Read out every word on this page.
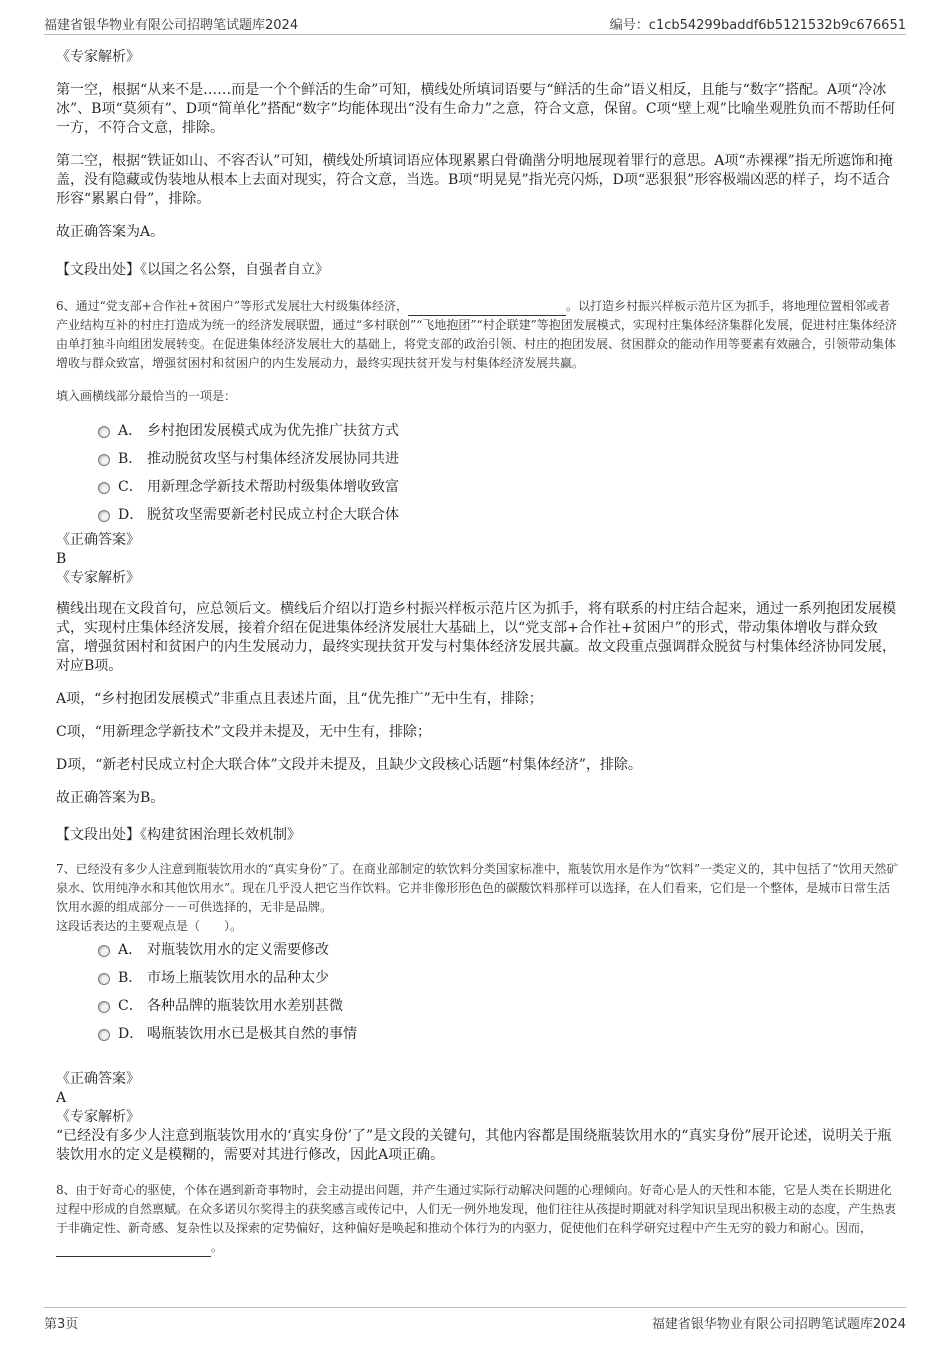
福建省银华物业有限公司招聘笔试题库2024	编号：c1cb54299baddf6b5121532b9c676651

《专家解析》

第一空，根据“从来不是……而是一个个鲜活的生命”可知，横线处所填词语要与“鲜活的生命”语义相反，且能与“数字”搭配。A项“冷冰冰”、B项“莫须有”、D项“简单化”搭配“数字”均能体现出“没有生命力”之意，符合文意，保留。C项“壁上观”比喻坐观胜负而不帮助任何一方，不符合文意，排除。

第二空，根据“铁证如山、不容否认”可知，横线处所填词语应体现累累白骨确凿分明地展现着罪行的意思。A项“赤裸裸”指无所遮饰和掩盖，没有隐藏或伪装地从根本上去面对现实，符合文意，当选。B项“明晃晃”指光亮闪烁，D项“恶狠狠”形容极端凶恶的样子，均不适合形容“累累白骨”，排除。

故正确答案为A。

【文段出处】《以国之名公祭，自强者自立》

6、通过“党支部+合作社+贫困户”等形式发展壮大村级集体经济，	。以打造乡村振兴样板示范片区为抓手，将地理位置相邻或者产业结构互补的村庄打造成为统一的经济发展联盟，通过“多村联创”“飞地抱团”“村企联建”等抱团发展模式，实现村庄集体经济集群化发展，促进村庄集体经济由单打独斗向组团发展转变。在促进集体经济发展壮大的基础上，将党支部的政治引领、村庄的抱团发展、贫困群众的能动作用等要素有效融合，引领带动集体增收与群众致富，增强贫困村和贫困户的内生发展动力，最终实现扶贫开发与村集体经济发展共赢。

填入画横线部分最恰当的一项是：

A． 乡村抱团发展模式成为优先推广扶贫方式
B． 推动脱贫攻坚与村集体经济发展协同共进
C． 用新理念学新技术帮助村级集体增收致富
D． 脱贫攻坚需要新老村民成立村企大联合体

《正确答案》

B

《专家解析》

横线出现在文段首句，应总领后文。横线后介绍以打造乡村振兴样板示范片区为抓手，将有联系的村庄结合起来，通过一系列抱团发展模式，实现村庄集体经济发展，接着介绍在促进集体经济发展壮大基础上，以“党支部+合作社+贫困户”的形式，带动集体增收与群众致富，增强贫困村和贫困户的内生发展动力，最终实现扶贫开发与村集体经济发展共赢。故文段重点强调群众脱贫与村集体经济协同发展，对应B项。

A项，“乡村抱团发展模式”非重点且表述片面，且“优先推广”无中生有，排除；

C项，“用新理念学新技术”文段并未提及，无中生有，排除；

D项，“新老村民成立村企大联合体”文段并未提及，且缺少文段核心话题“村集体经济”，排除。

故正确答案为B。

【文段出处】《构建贫困治理长效机制》

7、已经没有多少人注意到瓶装饮用水的“真实身份”了。在商业部制定的软饮料分类国家标准中，瓶装饮用水是作为“饮料”一类定义的，其中包括了“饮用天然矿泉水、饮用纯净水和其他饮用水”。现在几乎没人把它当作饮料。它并非像形形色色的碳酸饮料那样可以选择，在人们看来，它们是一个整体，是城市日常生活饮用水源的组成部分－－可供选择的，无非是品牌。

这段话表达的主要观点是（　　）。

A． 对瓶装饮用水的定义需要修改
B． 市场上瓶装饮用水的品种太少
C． 各种品牌的瓶装饮用水差别甚微
D． 喝瓶装饮用水已是极其自然的事情

《正确答案》

A

《专家解析》

“已经没有多少人注意到瓶装饮用水的‘真实身份’了”是文段的关键句，其他内容都是围绕瓶装饮用水的“真实身份”展开论述，说明关于瓶装饮用水的定义是模糊的，需要对其进行修改，因此A项正确。

8、由于好奇心的驱使，个体在遇到新奇事物时，会主动提出问题，并产生通过实际行动解决问题的心理倾向。好奇心是人的天性和本能，它是人类在长期进化过程中形成的自然禀赋。在众多诺贝尔奖得主的获奖感言或传记中，人们无一例外地发现，他们往往从孩提时期就对科学知识呈现出积极主动的态度，产生热衷于非确定性、新奇感、复杂性以及探索的定势偏好，这种偏好是唤起和推动个体行为的内驱力，促使他们在科学研究过程中产生无穷的毅力和耐心。因而，。

第3页	福建省银华物业有限公司招聘笔试题库2024
